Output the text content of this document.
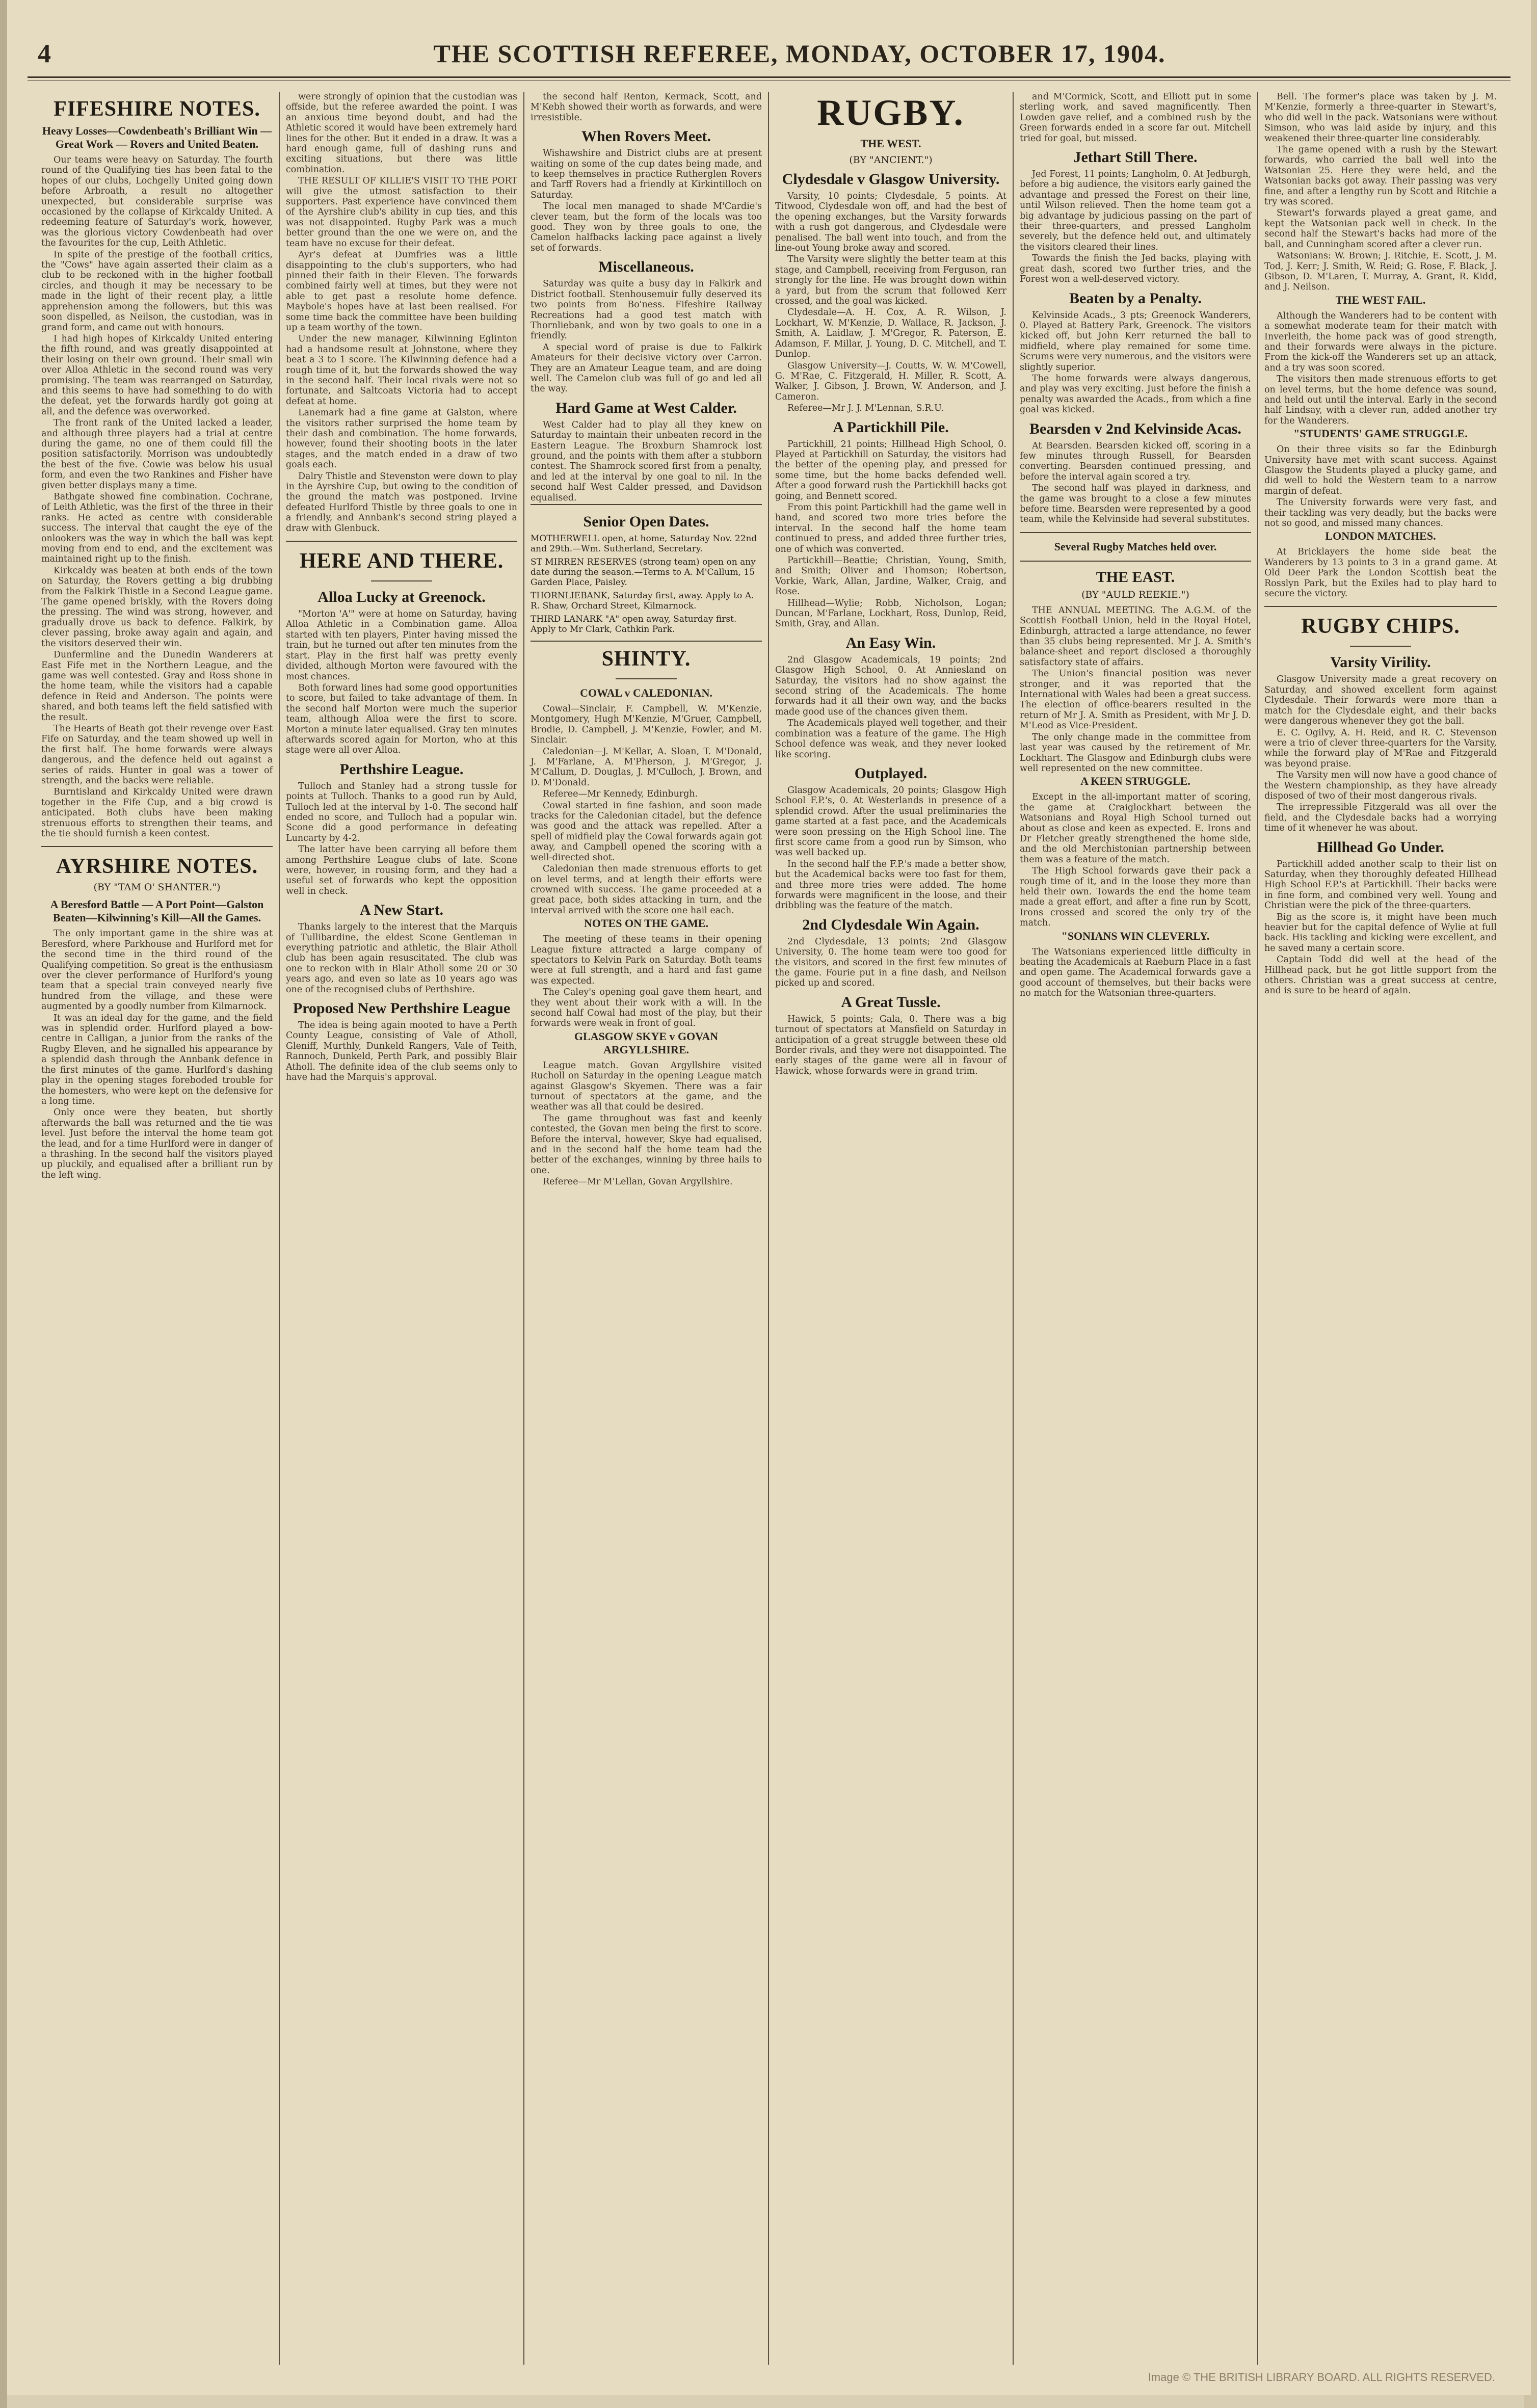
4	THE SCOTTISH REFEREE, MONDAY, OCTOBER 17, 1904.
FIFESHIRE NOTES.
Heavy Losses—Cowdenbeath's Brilliant Win — Great Work — Rovers and United Beaten.

Our teams were heavy on Saturday. The fourth round of the Qualifying ties has been fatal to the hopes of our clubs, Lochgelly United going down before Arbroath, a result no altogether unexpected, but considerable surprise was occasioned by the collapse of Kirkcaldy United. A redeeming feature of Saturday's work, however, was the glorious victory Cowdenbeath had over the favourites for the cup, Leith Athletic.

In spite of the prestige of the football critics, the "Cows" have again asserted their claim as a club to be reckoned with in the higher football circles, and though it may be necessary to be made in the light of their recent play, a little apprehension among the followers, but this was soon dispelled, as Neilson, the custodian, was in grand form, and came out with honours.

I had high hopes of Kirkcaldy United entering the fifth round, and was greatly disappointed at their losing on their own ground. Their small win over Alloa Athletic in the second round was very promising. The team was rearranged on Saturday, and this seems to have had something to do with the defeat, yet the forwards hardly got going at all, and the defence was overworked.

The front rank of the United lacked a leader, and although three players had a trial at centre during the game, no one of them could fill the position satisfactorily. Morrison was undoubtedly the best of the five. Cowie was below his usual form, and even the two Rankines and Fisher have given better displays many a time.

Bathgate showed fine combination. Cochrane, of Leith Athletic, was the first of the three in their ranks. He acted as centre with considerable success. The interval that caught the eye of the onlookers was the way in which the ball was kept moving from end to end, and the excitement was maintained right up to the finish.

Kirkcaldy was beaten at both ends of the town on Saturday, the Rovers getting a big drubbing from the Falkirk Thistle in a Second League game. The game opened briskly, with the Rovers doing the pressing. The wind was strong, however, and gradually drove us back to defence. Falkirk, by clever passing, broke away again and again, and the visitors deserved their win.

Dunfermline and the Dunedin Wanderers at East Fife met in the Northern League, and the game was well contested. Gray and Ross shone in the home team, while the visitors had a capable defence in Reid and Anderson. The points were shared, and both teams left the field satisfied with the result.

The Hearts of Beath got their revenge over East Fife on Saturday, and the team showed up well in the first half. The home forwards were always dangerous, and the defence held out against a series of raids. Hunter in goal was a tower of strength, and the backs were reliable.

Burntisland and Kirkcaldy United were drawn together in the Fife Cup, and a big crowd is anticipated. Both clubs have been making strenuous efforts to strengthen their teams, and the tie should furnish a keen contest.

AYRSHIRE NOTES.
(BY "TAM O' SHANTER.")
A Beresford Battle — A Port Point—Galston Beaten—Kilwinning's Kill—All the Games.

The only important game in the shire was at Beresford, where Parkhouse and Hurlford met for the second time in the third round of the Qualifying competition. So great is the enthusiasm over the clever performance of Hurlford's young team that a special train conveyed nearly five hundred from the village, and these were augmented by a goodly number from Kilmarnock.

It was an ideal day for the game, and the field was in splendid order. Hurlford played a bow-centre in Calligan, a junior from the ranks of the Rugby Eleven, and he signalled his appearance by a splendid dash through the Annbank defence in the first minutes of the game. Hurlford's dashing play in the opening stages foreboded trouble for the homesters, who were kept on the defensive for a long time.

Only once were they beaten, but shortly afterwards the ball was returned and the tie was level. Just before the interval the home team got the lead, and for a time Hurlford were in danger of a thrashing. In the second half the visitors played up pluckily, and equalised after a brilliant run by the left wing.

were strongly of opinion that the custodian was offside, but the referee awarded the point. I was an anxious time beyond doubt, and had the Athletic scored it would have been extremely hard lines for the other. But it ended in a draw. It was a hard enough game, full of dashing runs and exciting situations, but there was little combination.

THE RESULT OF KILLIE'S VISIT TO THE PORT will give the utmost satisfaction to their supporters. Past experience have convinced them of the Ayrshire club's ability in cup ties, and this was not disappointed. Rugby Park was a much better ground than the one we were on, and the team have no excuse for their defeat.

Ayr's defeat at Dumfries was a little disappointing to the club's supporters, who had pinned their faith in their Eleven. The forwards combined fairly well at times, but they were not able to get past a resolute home defence. Maybole's hopes have at last been realised. For some time back the committee have been building up a team worthy of the town.

Under the new manager, Kilwinning Eglinton had a handsome result at Johnstone, where they beat a 3 to 1 score. The Kilwinning defence had a rough time of it, but the forwards showed the way in the second half. Their local rivals were not so fortunate, and Saltcoats Victoria had to accept defeat at home.

Lanemark had a fine game at Galston, where the visitors rather surprised the home team by their dash and combination. The home forwards, however, found their shooting boots in the later stages, and the match ended in a draw of two goals each.

Dalry Thistle and Stevenston were down to play in the Ayrshire Cup, but owing to the condition of the ground the match was postponed. Irvine defeated Hurlford Thistle by three goals to one in a friendly, and Annbank's second string played a draw with Glenbuck.

HERE AND THERE.
Alloa Lucky at Greenock.

"Morton 'A'" were at home on Saturday, having Alloa Athletic in a Combination game. Alloa started with ten players, Pinter having missed the train, but he turned out after ten minutes from the start. Play in the first half was pretty evenly divided, although Morton were favoured with the most chances.

Both forward lines had some good opportunities to score, but failed to take advantage of them. In the second half Morton were much the superior team, although Alloa were the first to score. Morton a minute later equalised. Gray ten minutes afterwards scored again for Morton, who at this stage were all over Alloa.

Perthshire League.

Tulloch and Stanley had a strong tussle for points at Tulloch. Thanks to a good run by Auld, Tulloch led at the interval by 1-0. The second half ended no score, and Tulloch had a popular win. Scone did a good performance in defeating Luncarty by 4-2.

The latter have been carrying all before them among Perthshire League clubs of late. Scone were, however, in rousing form, and they had a useful set of forwards who kept the opposition well in check.

A New Start.

Thanks largely to the interest that the Marquis of Tullibardine, the eldest Scone Gentleman in everything patriotic and athletic, the Blair Atholl club has been again resuscitated. The club was one to reckon with in Blair Atholl some 20 or 30 years ago, and even so late as 10 years ago was one of the recognised clubs of Perthshire.

Proposed New Perthshire League

The idea is being again mooted to have a Perth County League, consisting of Vale of Atholl, Gleniff, Murthly, Dunkeld Rangers, Vale of Teith, Rannoch, Dunkeld, Perth Park, and possibly Blair Atholl. The definite idea of the club seems only to have had the Marquis's approval.

the second half Renton, Kermack, Scott, and M'Kebh showed their worth as forwards, and were irresistible.

When Rovers Meet.

Wishawshire and District clubs are at present waiting on some of the cup dates being made, and to keep themselves in practice Rutherglen Rovers and Tarff Rovers had a friendly at Kirkintilloch on Saturday.

The local men managed to shade M'Cardie's clever team, but the form of the locals was too good. They won by three goals to one, the Camelon halfbacks lacking pace against a lively set of forwards.

Miscellaneous.

Saturday was quite a busy day in Falkirk and District football. Stenhousemuir fully deserved its two points from Bo'ness. Fifeshire Railway Recreations had a good test match with Thornliebank, and won by two goals to one in a friendly.

A special word of praise is due to Falkirk Amateurs for their decisive victory over Carron. They are an Amateur League team, and are doing well. The Camelon club was full of go and led all the way.

Hard Game at West Calder.

West Calder had to play all they knew on Saturday to maintain their unbeaten record in the Eastern League. The Broxburn Shamrock lost ground, and the points with them after a stubborn contest. The Shamrock scored first from a penalty, and led at the interval by one goal to nil. In the second half West Calder pressed, and Davidson equalised.

Senior Open Dates.
MOTHERWELL open, at home, Saturday Nov. 22nd and 29th.—Wm. Sutherland, Secretary.
ST MIRREN RESERVES (strong team) open on any date during the season.—Terms to A. M'Callum, 15 Garden Place, Paisley.
THORNLIEBANK, Saturday first, away. Apply to A. R. Shaw, Orchard Street, Kilmarnock.
THIRD LANARK "A" open away, Saturday first. Apply to Mr Clark, Cathkin Park.
SHINTY.
COWAL v CALEDONIAN.

Cowal—Sinclair, F. Campbell, W. M'Kenzie, Montgomery, Hugh M'Kenzie, M'Gruer, Campbell, Brodie, D. Campbell, J. M'Kenzie, Fowler, and M. Sinclair.

Caledonian—J. M'Kellar, A. Sloan, T. M'Donald, J. M'Farlane, A. M'Pherson, J. M'Gregor, J. M'Callum, D. Douglas, J. M'Culloch, J. Brown, and D. M'Donald.

Referee—Mr Kennedy, Edinburgh.

Cowal started in fine fashion, and soon made tracks for the Caledonian citadel, but the defence was good and the attack was repelled. After a spell of midfield play the Cowal forwards again got away, and Campbell opened the scoring with a well-directed shot.

Caledonian then made strenuous efforts to get on level terms, and at length their efforts were crowned with success. The game proceeded at a great pace, both sides attacking in turn, and the interval arrived with the score one hail each.

NOTES ON THE GAME.

The meeting of these teams in their opening League fixture attracted a large company of spectators to Kelvin Park on Saturday. Both teams were at full strength, and a hard and fast game was expected.

The Caley's opening goal gave them heart, and they went about their work with a will. In the second half Cowal had most of the play, but their forwards were weak in front of goal.

GLASGOW SKYE v GOVAN ARGYLLSHIRE.

League match. Govan Argyllshire visited Rucholl on Saturday in the opening League match against Glasgow's Skyemen. There was a fair turnout of spectators at the game, and the weather was all that could be desired.

The game throughout was fast and keenly contested, the Govan men being the first to score. Before the interval, however, Skye had equalised, and in the second half the home team had the better of the exchanges, winning by three hails to one.

Referee—Mr M'Lellan, Govan Argyllshire.

RUGBY.
THE WEST.
(BY "ANCIENT.")
Clydesdale v Glasgow University.

Varsity, 10 points; Clydesdale, 5 points. At Titwood, Clydesdale won off, and had the best of the opening exchanges, but the Varsity forwards with a rush got dangerous, and Clydesdale were penalised. The ball went into touch, and from the line-out Young broke away and scored.

The Varsity were slightly the better team at this stage, and Campbell, receiving from Ferguson, ran strongly for the line. He was brought down within a yard, but from the scrum that followed Kerr crossed, and the goal was kicked.

Clydesdale—A. H. Cox, A. R. Wilson, J. Lockhart, W. M'Kenzie, D. Wallace, R. Jackson, J. Smith, A. Laidlaw, J. M'Gregor, R. Paterson, E. Adamson, F. Millar, J. Young, D. C. Mitchell, and T. Dunlop.

Glasgow University—J. Coutts, W. W. M'Cowell, G. M'Rae, C. Fitzgerald, H. Miller, R. Scott, A. Walker, J. Gibson, J. Brown, W. Anderson, and J. Cameron.

Referee—Mr J. J. M'Lennan, S.R.U.

A Partickhill Pile.

Partickhill, 21 points; Hillhead High School, 0. Played at Partickhill on Saturday, the visitors had the better of the opening play, and pressed for some time, but the home backs defended well. After a good forward rush the Partickhill backs got going, and Bennett scored.

From this point Partickhill had the game well in hand, and scored two more tries before the interval. In the second half the home team continued to press, and added three further tries, one of which was converted.

Partickhill—Beattie; Christian, Young, Smith, and Smith; Oliver and Thomson; Robertson, Vorkie, Wark, Allan, Jardine, Walker, Craig, and Rose.

Hillhead—Wylie; Robb, Nicholson, Logan; Duncan, M'Farlane, Lockhart, Ross, Dunlop, Reid, Smith, Gray, and Allan.

An Easy Win.

2nd Glasgow Academicals, 19 points; 2nd Glasgow High School, 0. At Anniesland on Saturday, the visitors had no show against the second string of the Academicals. The home forwards had it all their own way, and the backs made good use of the chances given them.

The Academicals played well together, and their combination was a feature of the game. The High School defence was weak, and they never looked like scoring.

Outplayed.

Glasgow Academicals, 20 points; Glasgow High School F.P.'s, 0. At Westerlands in presence of a splendid crowd. After the usual preliminaries the game started at a fast pace, and the Academicals were soon pressing on the High School line. The first score came from a good run by Simson, who was well backed up.

In the second half the F.P.'s made a better show, but the Academical backs were too fast for them, and three more tries were added. The home forwards were magnificent in the loose, and their dribbling was the feature of the match.

2nd Clydesdale Win Again.

2nd Clydesdale, 13 points; 2nd Glasgow University, 0. The home team were too good for the visitors, and scored in the first few minutes of the game. Fourie put in a fine dash, and Neilson picked up and scored.

A Great Tussle.

Hawick, 5 points; Gala, 0. There was a big turnout of spectators at Mansfield on Saturday in anticipation of a great struggle between these old Border rivals, and they were not disappointed. The early stages of the game were all in favour of Hawick, whose forwards were in grand trim.

and M'Cormick, Scott, and Elliott put in some sterling work, and saved magnificently. Then Lowden gave relief, and a combined rush by the Green forwards ended in a score far out. Mitchell tried for goal, but missed.

Jethart Still There.

Jed Forest, 11 points; Langholm, 0. At Jedburgh, before a big audience, the visitors early gained the advantage and pressed the Forest on their line, until Wilson relieved. Then the home team got a big advantage by judicious passing on the part of their three-quarters, and pressed Langholm severely, but the defence held out, and ultimately the visitors cleared their lines.

Towards the finish the Jed backs, playing with great dash, scored two further tries, and the Forest won a well-deserved victory.

Beaten by a Penalty.

Kelvinside Acads., 3 pts; Greenock Wanderers, 0. Played at Battery Park, Greenock. The visitors kicked off, but John Kerr returned the ball to midfield, where play remained for some time. Scrums were very numerous, and the visitors were slightly superior.

The home forwards were always dangerous, and play was very exciting. Just before the finish a penalty was awarded the Acads., from which a fine goal was kicked.

Bearsden v 2nd Kelvinside Acas.

At Bearsden. Bearsden kicked off, scoring in a few minutes through Russell, for Bearsden converting. Bearsden continued pressing, and before the interval again scored a try.

The second half was played in darkness, and the game was brought to a close a few minutes before time. Bearsden were represented by a good team, while the Kelvinside had several substitutes.

Several Rugby Matches held over.
THE EAST.
(BY "AULD REEKIE.")

THE ANNUAL MEETING. The A.G.M. of the Scottish Football Union, held in the Royal Hotel, Edinburgh, attracted a large attendance, no fewer than 35 clubs being represented. Mr J. A. Smith's balance-sheet and report disclosed a thoroughly satisfactory state of affairs.

The Union's financial position was never stronger, and it was reported that the International with Wales had been a great success. The election of office-bearers resulted in the return of Mr J. A. Smith as President, with Mr J. D. M'Leod as Vice-President.

The only change made in the committee from last year was caused by the retirement of Mr. Lockhart. The Glasgow and Edinburgh clubs were well represented on the new committee.

A KEEN STRUGGLE.

Except in the all-important matter of scoring, the game at Craiglockhart between the Watsonians and Royal High School turned out about as close and keen as expected. E. Irons and Dr Fletcher greatly strengthened the home side, and the old Merchistonian partnership between them was a feature of the match.

The High School forwards gave their pack a rough time of it, and in the loose they more than held their own. Towards the end the home team made a great effort, and after a fine run by Scott, Irons crossed and scored the only try of the match.

"SONIANS WIN CLEVERLY.

The Watsonians experienced little difficulty in beating the Academicals at Raeburn Place in a fast and open game. The Academical forwards gave a good account of themselves, but their backs were no match for the Watsonian three-quarters.

Bell. The former's place was taken by J. M. M'Kenzie, formerly a three-quarter in Stewart's, who did well in the pack. Watsonians were without Simson, who was laid aside by injury, and this weakened their three-quarter line considerably.

The game opened with a rush by the Stewart forwards, who carried the ball well into the Watsonian 25. Here they were held, and the Watsonian backs got away. Their passing was very fine, and after a lengthy run by Scott and Ritchie a try was scored.

Stewart's forwards played a great game, and kept the Watsonian pack well in check. In the second half the Stewart's backs had more of the ball, and Cunningham scored after a clever run.

Watsonians: W. Brown; J. Ritchie, E. Scott, J. M. Tod, J. Kerr; J. Smith, W. Reid; G. Rose, F. Black, J. Gibson, D. M'Laren, T. Murray, A. Grant, R. Kidd, and J. Neilson.

THE WEST FAIL.

Although the Wanderers had to be content with a somewhat moderate team for their match with Inverleith, the home pack was of good strength, and their forwards were always in the picture. From the kick-off the Wanderers set up an attack, and a try was soon scored.

The visitors then made strenuous efforts to get on level terms, but the home defence was sound, and held out until the interval. Early in the second half Lindsay, with a clever run, added another try for the Wanderers.

"STUDENTS' GAME STRUGGLE.

On their three visits so far the Edinburgh University have met with scant success. Against Glasgow the Students played a plucky game, and did well to hold the Western team to a narrow margin of defeat.

The University forwards were very fast, and their tackling was very deadly, but the backs were not so good, and missed many chances.

LONDON MATCHES.

At Bricklayers the home side beat the Wanderers by 13 points to 3 in a grand game. At Old Deer Park the London Scottish beat the Rosslyn Park, but the Exiles had to play hard to secure the victory.

RUGBY CHIPS.
Varsity Virility.

Glasgow University made a great recovery on Saturday, and showed excellent form against Clydesdale. Their forwards were more than a match for the Clydesdale eight, and their backs were dangerous whenever they got the ball.

E. C. Ogilvy, A. H. Reid, and R. C. Stevenson were a trio of clever three-quarters for the Varsity, while the forward play of M'Rae and Fitzgerald was beyond praise.

The Varsity men will now have a good chance of the Western championship, as they have already disposed of two of their most dangerous rivals.

The irrepressible Fitzgerald was all over the field, and the Clydesdale backs had a worrying time of it whenever he was about.

Hillhead Go Under.

Partickhill added another scalp to their list on Saturday, when they thoroughly defeated Hillhead High School F.P.'s at Partickhill. Their backs were in fine form, and combined very well. Young and Christian were the pick of the three-quarters.

Big as the score is, it might have been much heavier but for the capital defence of Wylie at full back. His tackling and kicking were excellent, and he saved many a certain score.

Captain Todd did well at the head of the Hillhead pack, but he got little support from the others. Christian was a great success at centre, and is sure to be heard of again.

Image © THE BRITISH LIBRARY BOARD. ALL RIGHTS RESERVED.
